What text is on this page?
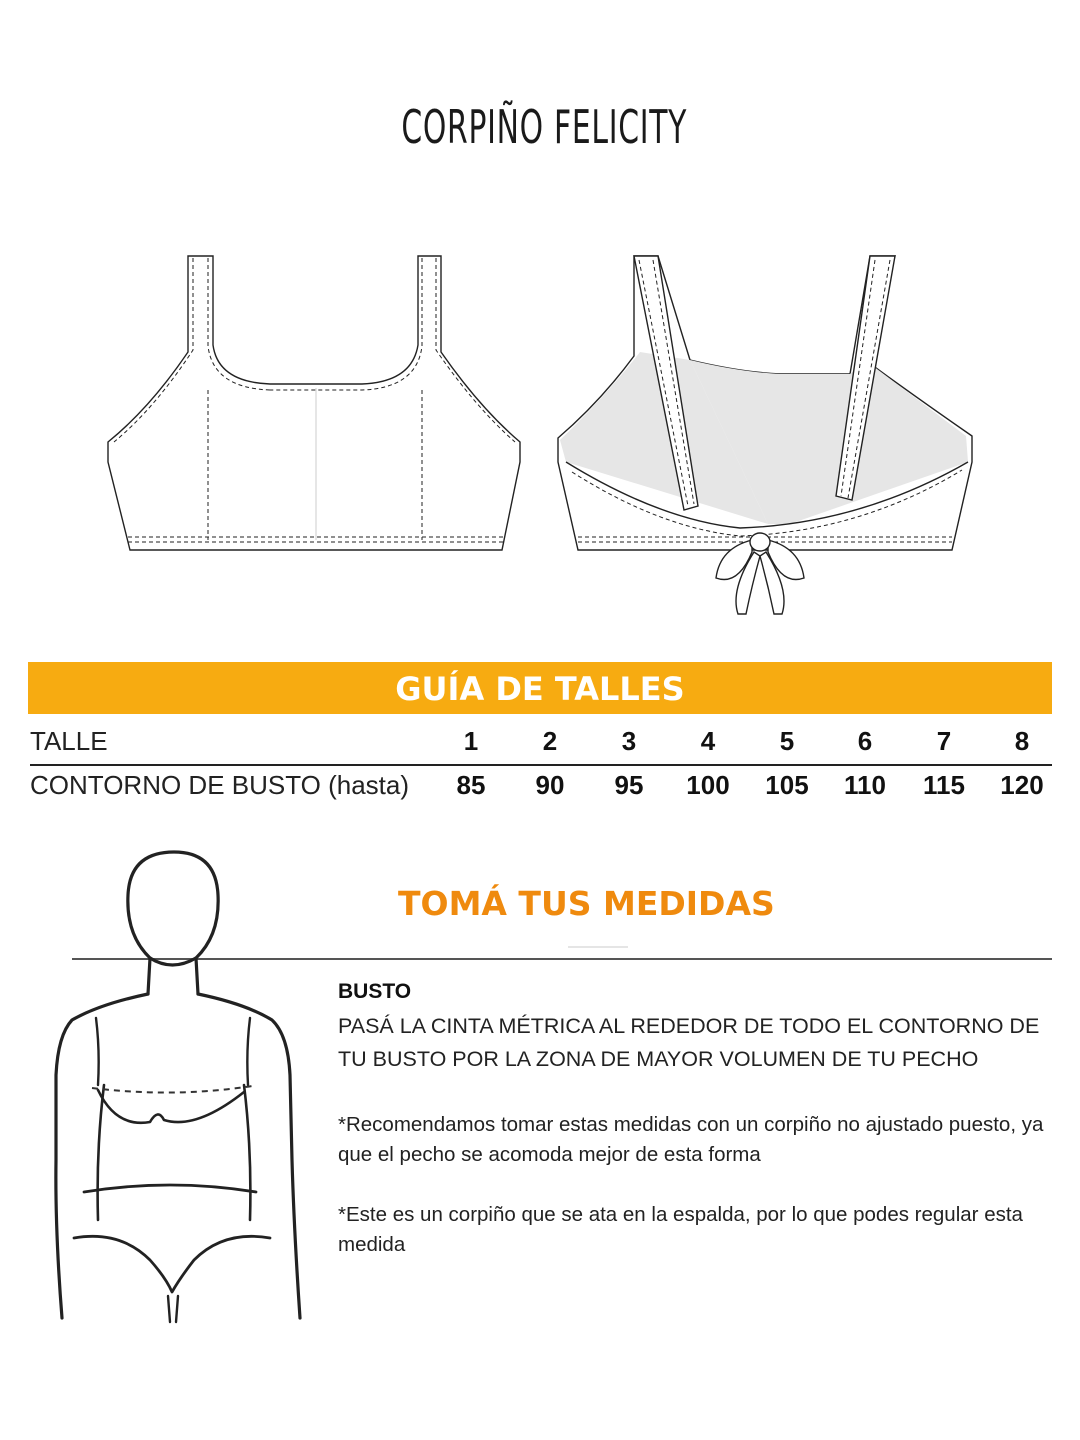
CORPIÑO FELICITY
GUÍA DE TALLES
TALLE	1	2	3	4	5	6	7	8
CONTORNO DE BUSTO (hasta)	85	90	95	100	105	110	115	120
TOMÁ TUS MEDIDAS

BUSTO

PASÁ LA CINTA MÉTRICA AL REDEDOR DE TODO EL CONTORNO DE TU BUSTO POR LA ZONA DE MAYOR VOLUMEN DE TU PECHO

*Recomendamos tomar estas medidas con un corpiño no ajustado puesto, ya que el pecho se acomoda mejor de esta forma

*Este es un corpiño que se ata en la espalda, por lo que podes regular esta medida
